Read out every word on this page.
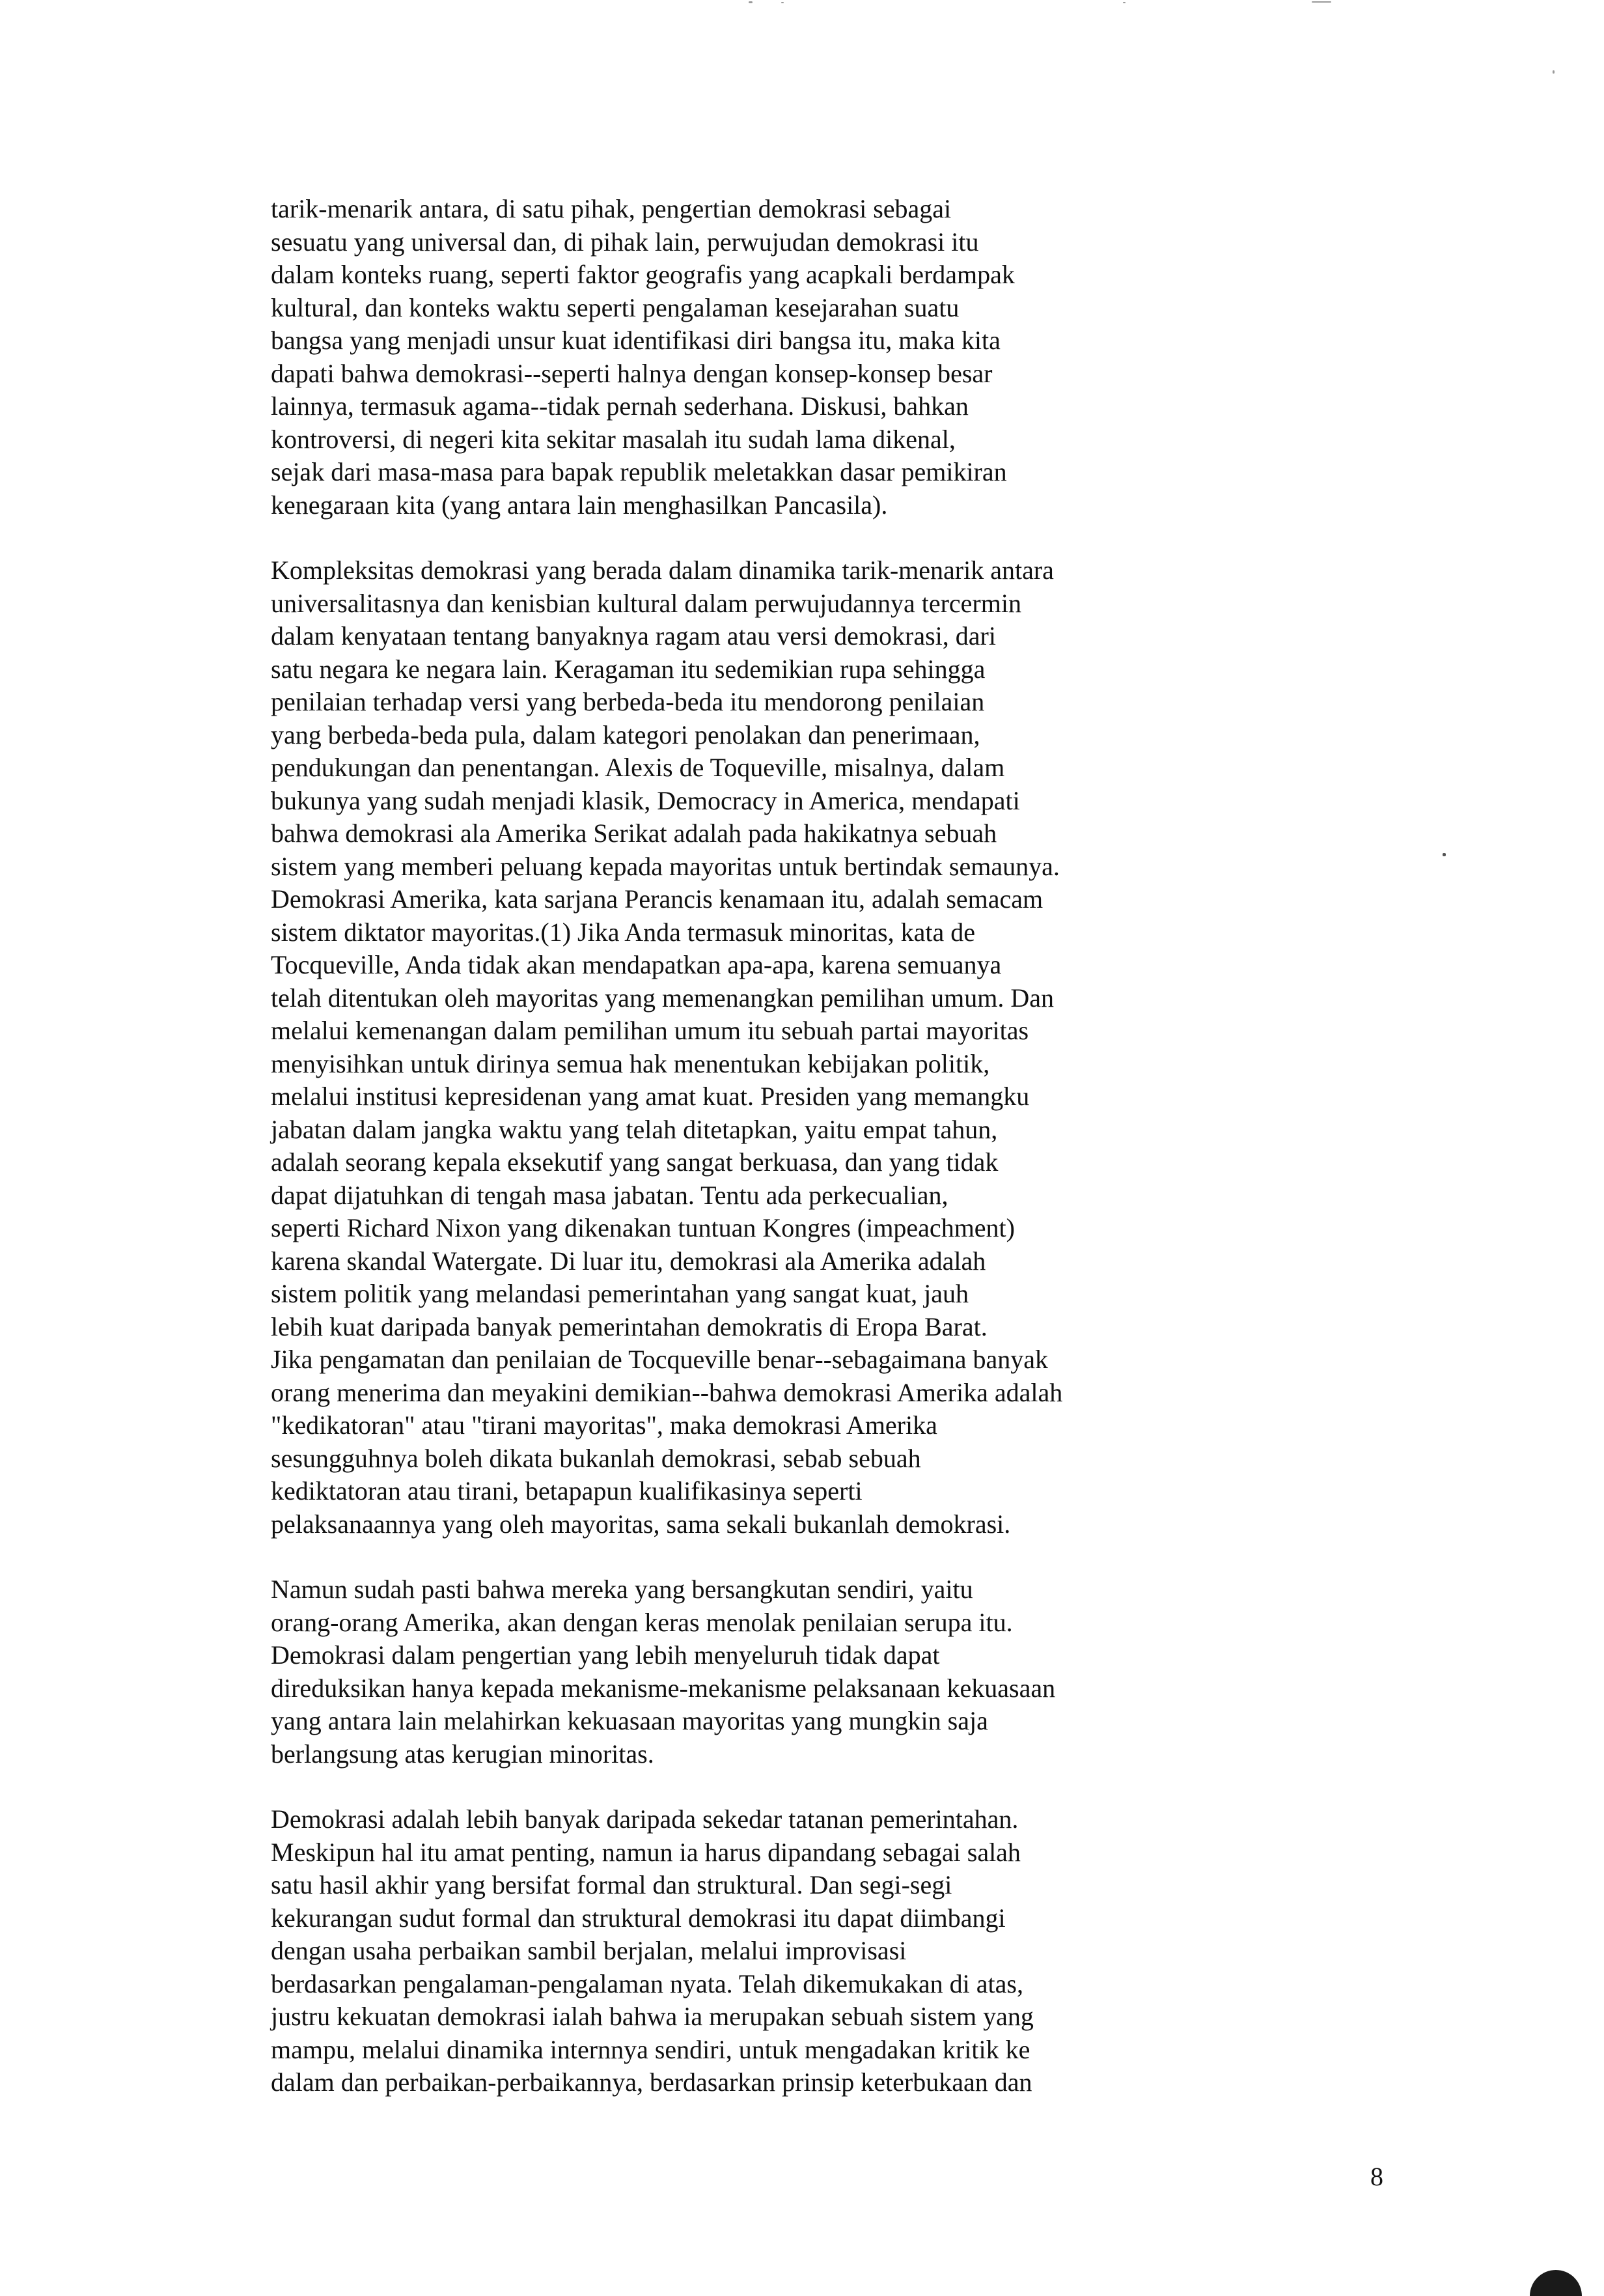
tarik-menarik antara, di satu pihak, pengertian demokrasi sebagai
sesuatu yang universal dan, di pihak lain, perwujudan demokrasi itu
dalam konteks ruang, seperti faktor geografis yang acapkali berdampak
kultural, dan konteks waktu seperti pengalaman kesejarahan suatu
bangsa yang menjadi unsur kuat identifikasi diri bangsa itu, maka kita
dapati bahwa demokrasi--seperti halnya dengan konsep-konsep besar
lainnya, termasuk agama--tidak pernah sederhana. Diskusi, bahkan
kontroversi, di negeri kita sekitar masalah itu sudah lama dikenal,
sejak dari masa-masa para bapak republik meletakkan dasar pemikiran
kenegaraan kita (yang antara lain menghasilkan Pancasila).

Kompleksitas demokrasi yang berada dalam dinamika tarik-menarik antara
universalitasnya dan kenisbian kultural dalam perwujudannya tercermin
dalam kenyataan tentang banyaknya ragam atau versi demokrasi, dari
satu negara ke negara lain. Keragaman itu sedemikian rupa sehingga
penilaian terhadap versi yang berbeda-beda itu mendorong penilaian
yang berbeda-beda pula, dalam kategori penolakan dan penerimaan,
pendukungan dan penentangan. Alexis de Toqueville, misalnya, dalam
bukunya yang sudah menjadi klasik, Democracy in America, mendapati
bahwa demokrasi ala Amerika Serikat adalah pada hakikatnya sebuah
sistem yang memberi peluang kepada mayoritas untuk bertindak semaunya.
Demokrasi Amerika, kata sarjana Perancis kenamaan itu, adalah semacam
sistem diktator mayoritas.(1) Jika Anda termasuk minoritas, kata de
Tocqueville, Anda tidak akan mendapatkan apa-apa, karena semuanya
telah ditentukan oleh mayoritas yang memenangkan pemilihan umum. Dan
melalui kemenangan dalam pemilihan umum itu sebuah partai mayoritas
menyisihkan untuk dirinya semua hak menentukan kebijakan politik,
melalui institusi kepresidenan yang amat kuat. Presiden yang memangku
jabatan dalam jangka waktu yang telah ditetapkan, yaitu empat tahun,
adalah seorang kepala eksekutif yang sangat berkuasa, dan yang tidak
dapat dijatuhkan di tengah masa jabatan. Tentu ada perkecualian,
seperti Richard Nixon yang dikenakan tuntuan Kongres (impeachment)
karena skandal Watergate. Di luar itu, demokrasi ala Amerika adalah
sistem politik yang melandasi pemerintahan yang sangat kuat, jauh
lebih kuat daripada banyak pemerintahan demokratis di Eropa Barat.
Jika pengamatan dan penilaian de Tocqueville benar--sebagaimana banyak
orang menerima dan meyakini demikian--bahwa demokrasi Amerika adalah
"kedikatoran" atau "tirani mayoritas", maka demokrasi Amerika
sesungguhnya boleh dikata bukanlah demokrasi, sebab sebuah
kediktatoran atau tirani, betapapun kualifikasinya seperti
pelaksanaannya yang oleh mayoritas, sama sekali bukanlah demokrasi.

Namun sudah pasti bahwa mereka yang bersangkutan sendiri, yaitu
orang-orang Amerika, akan dengan keras menolak penilaian serupa itu.
Demokrasi dalam pengertian yang lebih menyeluruh tidak dapat
direduksikan hanya kepada mekanisme-mekanisme pelaksanaan kekuasaan
yang antara lain melahirkan kekuasaan mayoritas yang mungkin saja
berlangsung atas kerugian minoritas.

Demokrasi adalah lebih banyak daripada sekedar tatanan pemerintahan.
Meskipun hal itu amat penting, namun ia harus dipandang sebagai salah
satu hasil akhir yang bersifat formal dan struktural. Dan segi-segi
kekurangan sudut formal dan struktural demokrasi itu dapat diimbangi
dengan usaha perbaikan sambil berjalan, melalui improvisasi
berdasarkan pengalaman-pengalaman nyata. Telah dikemukakan di atas,
justru kekuatan demokrasi ialah bahwa ia merupakan sebuah sistem yang
mampu, melalui dinamika internnya sendiri, untuk mengadakan kritik ke
dalam dan perbaikan-perbaikannya, berdasarkan prinsip keterbukaan dan

8
